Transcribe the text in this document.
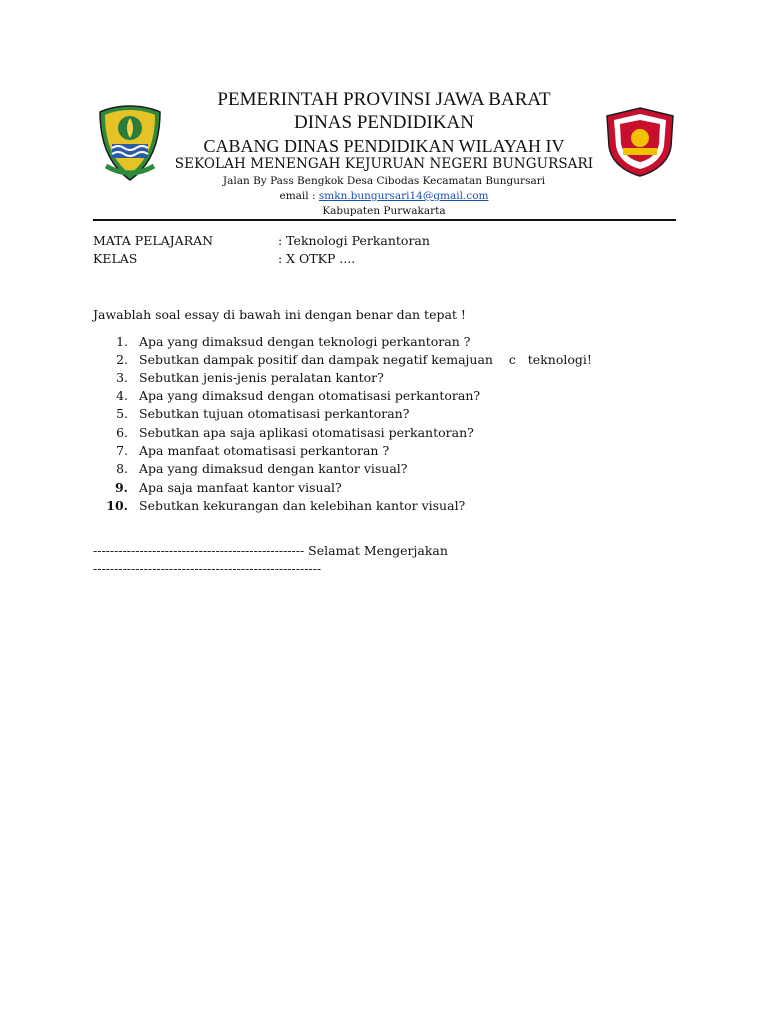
PEMERINTAH PROVINSI JAWA BARAT
DINAS PENDIDIKAN
CABANG DINAS PENDIDIKAN WILAYAH IV
SEKOLAH MENENGAH KEJURUAN NEGERI BUNGURSARI
Jalan By Pass Bengkok Desa Cibodas Kecamatan Bungursari
email : smkn.bungursari14@gmail.com
Kabupaten Purwakarta
MATA PELAJARAN	: Teknologi Perkantoran
KELAS	: X OTKP ....
Jawablah soal essay di bawah ini dengan benar dan tepat !
1. Apa yang dimaksud dengan teknologi perkantoran ?
2. Sebutkan dampak positif dan dampak negatif kemajuan    c   teknologi!
3. Sebutkan jenis-jenis peralatan kantor?
4. Apa yang dimaksud dengan otomatisasi perkantoran?
5. Sebutkan tujuan otomatisasi perkantoran?
6. Sebutkan apa saja aplikasi otomatisasi perkantoran?
7. Apa manfaat otomatisasi perkantoran ?
8. Apa yang dimaksud dengan kantor visual?
9. Apa saja manfaat kantor visual?
10. Sebutkan kekurangan dan kelebihan kantor visual?
-------------------------------------------------- Selamat Mengerjakan
------------------------------------------------------
